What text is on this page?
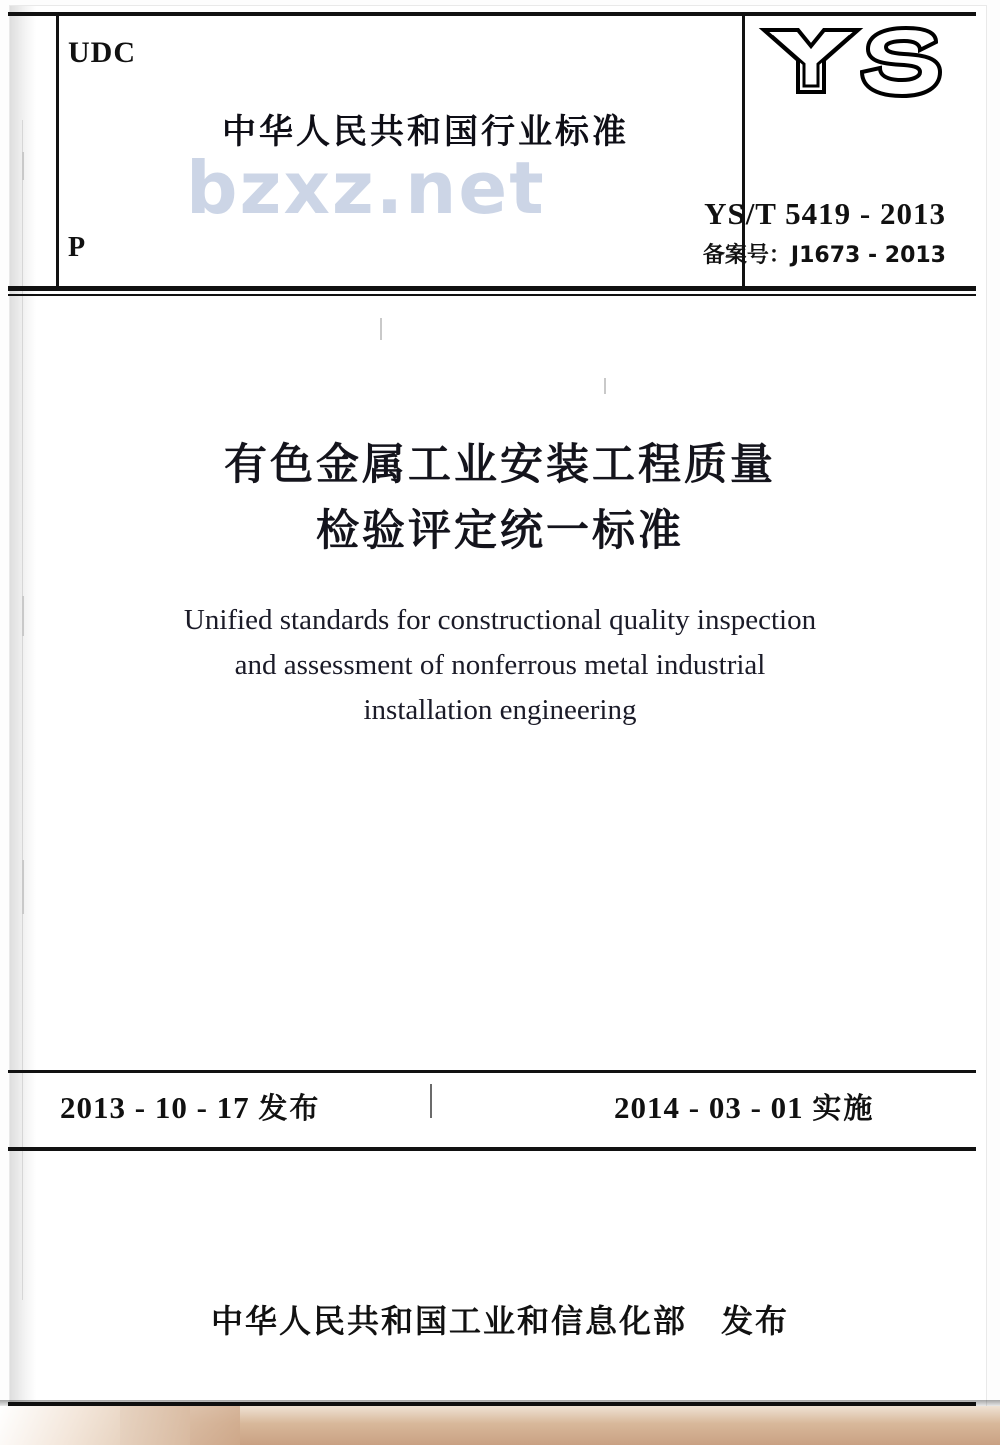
UDC
P
中华人民共和国行业标准
YS/T 5419 - 2013
备案号：J1673 - 2013
bzxz.net
有色金属工业安装工程质量
检验评定统一标准
Unified standards for constructional quality inspection
and assessment of nonferrous metal industrial
installation engineering
2013 - 10 - 17 发布	2014 - 03 - 01 实施
中华人民共和国工业和信息化部　发布
